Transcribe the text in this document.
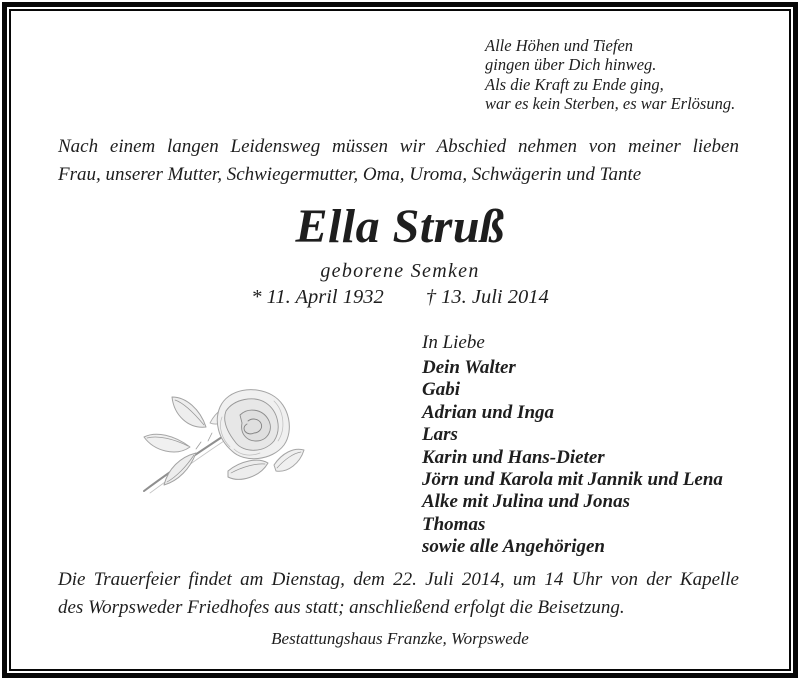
Alle Höhen und Tiefen
gingen über Dich hinweg.
Als die Kraft zu Ende ging,
war es kein Sterben, es war Erlösung.
Nach einem langen Leidensweg müssen wir Abschied nehmen von meiner lieben
Frau, unserer Mutter, Schwiegermutter, Oma, Uroma, Schwägerin und Tante
Ella Struß
geborene Semken
* 11. April 1932 † 13. Juli 2014
In Liebe
Dein Walter
Gabi
Adrian und Inga
Lars
Karin und Hans-Dieter
Jörn und Karola mit Jannik und Lena
Alke mit Julina und Jonas
Thomas
sowie alle Angehörigen
Die Trauerfeier findet am Dienstag, dem 22. Juli 2014, um 14 Uhr von der Kapelle
des Worpsweder Friedhofes aus statt; anschließend erfolgt die Beisetzung.
Bestattungshaus Franzke, Worpswede
